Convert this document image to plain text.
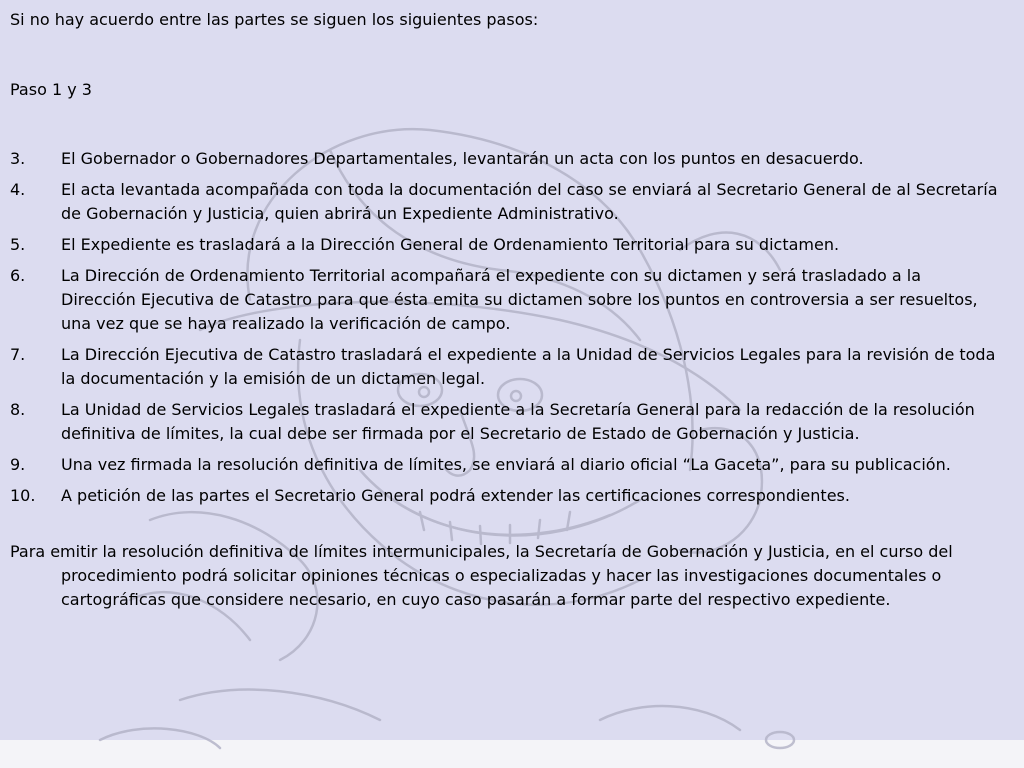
Si no hay acuerdo entre las partes se siguen los siguientes pasos:

Paso 1 y 3

3. El Gobernador o Gobernadores Departamentales, levantarán un acta con los puntos en desacuerdo.
4. El acta levantada acompañada con toda la documentación del caso se enviará al Secretario General de al Secretaría de Gobernación y Justicia, quien abrirá un Expediente Administrativo.
5. El Expediente es trasladará a la Dirección General de Ordenamiento Territorial para su dictamen.
6. La Dirección de Ordenamiento Territorial acompañará el expediente con su dictamen y será trasladado a la Dirección Ejecutiva de Catastro para que ésta emita su dictamen sobre los puntos en controversia a ser resueltos, una vez que se haya realizado la verificación de campo.
7. La Dirección Ejecutiva de Catastro trasladará el expediente a la Unidad de Servicios Legales para la revisión de toda la documentación y la emisión de un dictamen legal.
8. La Unidad de Servicios Legales trasladará el expediente a la Secretaría General para la redacción de la resolución definitiva de límites, la cual debe ser firmada por el Secretario de Estado de Gobernación y Justicia.
9. Una vez firmada la resolución definitiva de límites, se enviará al diario oficial “La Gaceta”, para su publicación.
10. A petición de las partes el Secretario General podrá extender las certificaciones correspondientes.

Para emitir la resolución definitiva de límites intermunicipales, la Secretaría de Gobernación y Justicia, en el curso del procedimiento podrá solicitar opiniones técnicas o especializadas y hacer las investigaciones documentales o cartográficas que considere necesario, en cuyo caso pasarán a formar parte del respectivo expediente.
